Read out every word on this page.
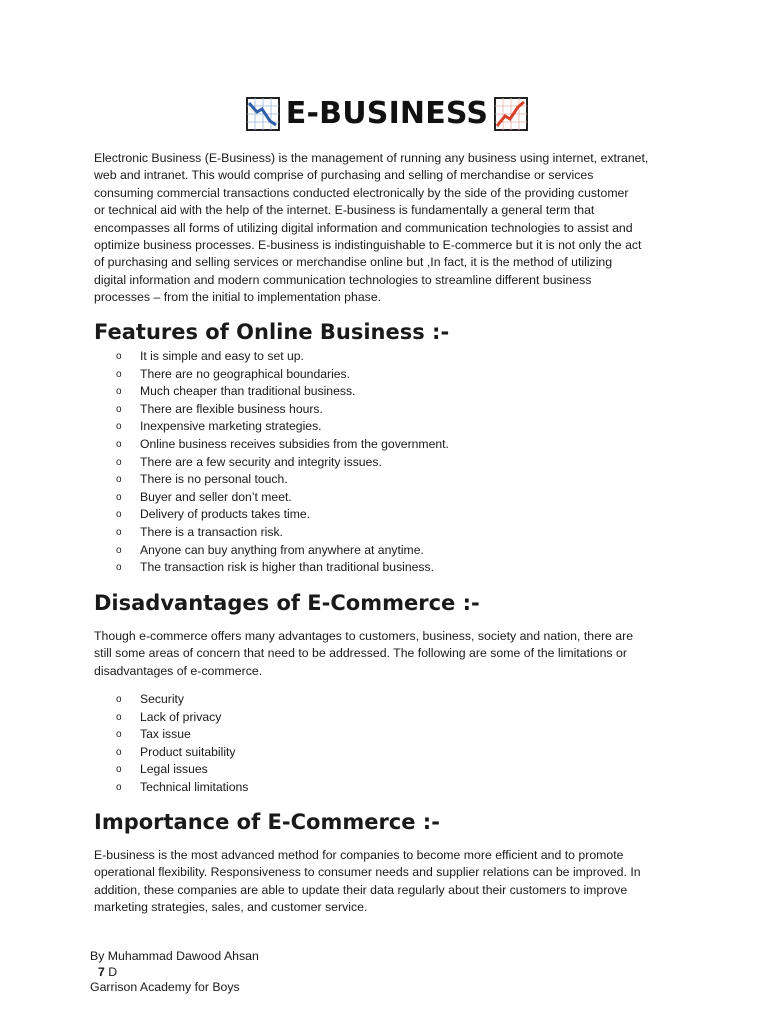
E-BUSINESS
Electronic Business (E-Business) is the management of running any business using internet, extranet,
web and intranet. This would comprise of purchasing and selling of merchandise or services
consuming commercial transactions conducted electronically by the side of the providing customer
or technical aid with the help of the internet. E-business is fundamentally a general term that
encompasses all forms of utilizing digital information and communication technologies to assist and
optimize business processes. E-business is indistinguishable to E-commerce but it is not only the act
of purchasing and selling services or merchandise online but ,In fact, it is the method of utilizing
digital information and modern communication technologies to streamline different business
processes – from the initial to implementation phase.
Features of Online Business :-
o	It is simple and easy to set up.
o	There are no geographical boundaries.
o	Much cheaper than traditional business.
o	There are flexible business hours.
o	Inexpensive marketing strategies.
o	Online business receives subsidies from the government.
o	There are a few security and integrity issues.
o	There is no personal touch.
o	Buyer and seller don’t meet.
o	Delivery of products takes time.
o	There is a transaction risk.
o	Anyone can buy anything from anywhere at anytime.
o	The transaction risk is higher than traditional business.
Disadvantages of E-Commerce :-
Though e-commerce offers many advantages to customers, business, society and nation, there are
still some areas of concern that need to be addressed. The following are some of the limitations or
disadvantages of e-commerce.
o	Security
o	Lack of privacy
o	Tax issue
o	Product suitability
o	Legal issues
o	Technical limitations
Importance of E-Commerce :-
E-business is the most advanced method for companies to become more efficient and to promote
operational flexibility. Responsiveness to consumer needs and supplier relations can be improved. In
addition, these companies are able to update their data regularly about their customers to improve
marketing strategies, sales, and customer service.
By Muhammad Dawood Ahsan
7 D
Garrison Academy for Boys
